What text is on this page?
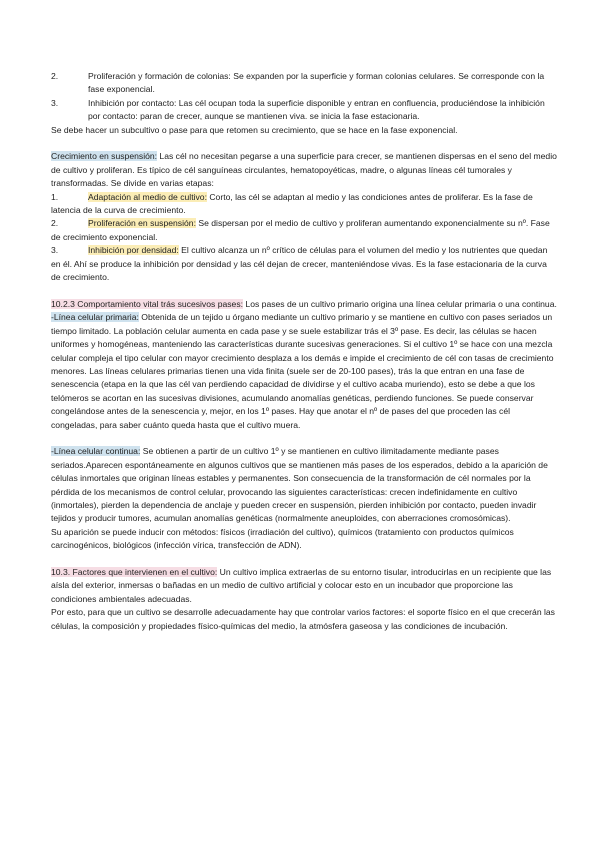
2.	Proliferación y formación de colonias: Se expanden por la superficie y forman colonias celulares. Se corresponde con la fase exponencial.

3.	Inhibición por contacto: Las cél ocupan toda la superficie disponible y entran en confluencia, produciéndose la inhibición por contacto: paran de crecer, aunque se mantienen viva. se inicia la fase estacionaria.

Se debe hacer un subcultivo o pase para que retomen su crecimiento, que se hace en la fase exponencial.

Crecimiento en suspensión: Las cél no necesitan pegarse a una superficie para crecer, se mantienen dispersas en el seno del medio de cultivo y proliferan. Es típico de cél sanguíneas circulantes, hematopoyéticas, madre, o algunas líneas cél tumorales y transformadas. Se divide en varias etapas:

1.	Adaptación al medio de cultivo: Corto, las cél se adaptan al medio y las condiciones antes de proliferar. Es la fase de latencia de la curva de crecimiento.

2.	Proliferación en suspensión: Se dispersan por el medio de cultivo y proliferan aumentando exponencialmente su nº. Fase de crecimiento exponencial.

3.	Inhibición por densidad: El cultivo alcanza un nº crítico de células para el volumen del medio y los nutrientes que quedan en él. Ahí se produce la inhibición por densidad y las cél dejan de crecer, manteniéndose vivas. Es la fase estacionaria de la curva de crecimiento.

10.2.3 Comportamiento vital trás sucesivos pases: Los pases de un cultivo primario origina una línea celular primaria o una continua.

-Línea celular primaria: Obtenida de un tejido u órgano mediante un cultivo primario y se mantiene en cultivo con pases seriados un tiempo limitado. La población celular aumenta en cada pase y se suele estabilizar trás el 3º pase. Es decir, las células se hacen uniformes y homogéneas, manteniendo las características durante sucesivas generaciones. Si el cultivo 1º se hace con una mezcla celular compleja el tipo celular con mayor crecimiento desplaza a los demás e impide el crecimiento de cél con tasas de crecimiento menores. Las líneas celulares primarias tienen una vida finita (suele ser de 20-100 pases), trás la que entran en una fase de senescencia (etapa en la que las cél van perdiendo capacidad de dividirse y el cultivo acaba muriendo), esto se debe a que los telómeros se acortan en las sucesivas divisiones, acumulando anomalías genéticas, perdiendo funciones. Se puede conservar congelándose antes de la senescencia y, mejor, en los 1º pases. Hay que anotar el nº de pases del que proceden las cél congeladas, para saber cuánto queda hasta que el cultivo muera.

-Línea celular continua: Se obtienen a partir de un cultivo 1º y se mantienen en cultivo ilimitadamente mediante pases seriados.Aparecen espontáneamente en algunos cultivos que se mantienen más pases de los esperados, debido a la aparición de células inmortales que originan líneas estables y permanentes. Son consecuencia de la transformación de cél normales por la pérdida de los mecanismos de control celular, provocando las siguientes características: crecen indefinidamente en cultivo (inmortales), pierden la dependencia de anclaje y pueden crecer en suspensión, pierden inhibición por contacto, pueden invadir tejidos y producir tumores, acumulan anomalías genéticas (normalmente aneuploides, con aberraciones cromosómicas).

Su aparición se puede inducir con métodos: físicos (irradiación del cultivo), químicos (tratamiento con productos químicos carcinogénicos, biológicos (infección vírica, transfección de ADN).

10.3. Factores que intervienen en el cultivo: Un cultivo implica extraerlas de su entorno tisular, introducirlas en un recipiente que las aísla del exterior, inmersas o bañadas en un medio de cultivo artificial y colocar esto en un incubador que proporcione las condiciones ambientales adecuadas.

Por esto, para que un cultivo se desarrolle adecuadamente hay que controlar varios factores: el soporte físico en el que crecerán las células, la composición y propiedades físico-químicas del medio, la atmósfera gaseosa y las condiciones de incubación.
